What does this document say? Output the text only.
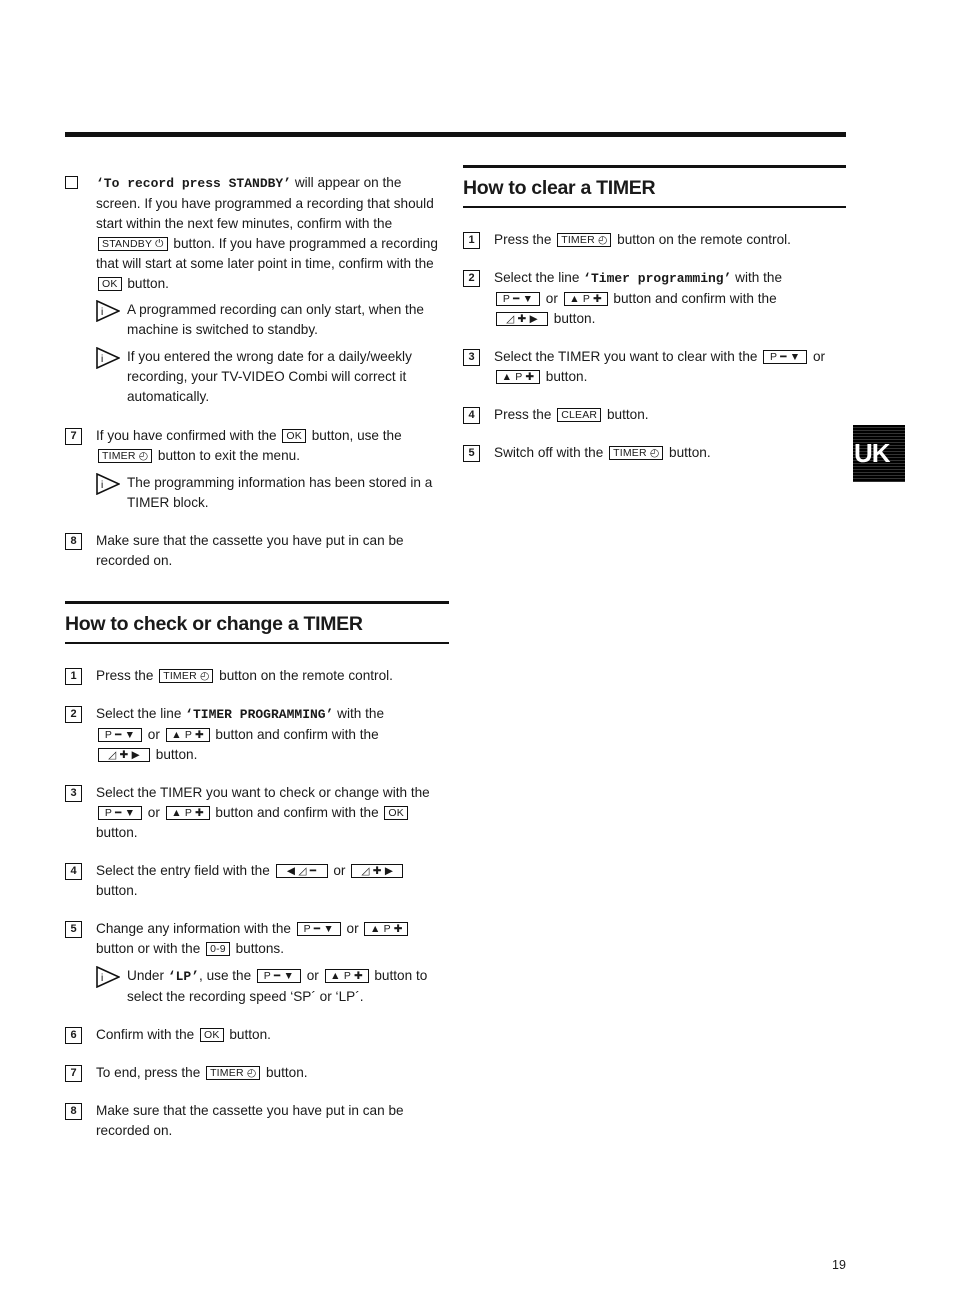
‘To record press STANDBY’ will appear on the screen. If you have programmed a recording that should start within the next few minutes, confirm with the STANDBY ⏻ button. If you have programmed a recording that will start at some later point in time, confirm with the OK button.
i A programmed recording can only start, when the machine is switched to standby.
i If you entered the wrong date for a daily/weekly recording, your TV-VIDEO Combi will correct it automatically.
7	If you have confirmed with the OK button, use the TIMER ◴ button to exit the menu.
i The programming information has been stored in a TIMER block.
8	Make sure that the cassette you have put in can be recorded on.
How to check or change a TIMER
1	Press the TIMER ◴ button on the remote control.
2	Select the line ‘TIMER PROGRAMMING’ with the
P ━ ▼ or ▲ P ✚ button and confirm with the
◿ ✚ ▶ button.
3	Select the TIMER you want to check or change with the P ━ ▼ or ▲ P ✚ button and confirm with the OK button.
4	Select the entry field with the ◀ ◿ ━ or ◿ ✚ ▶ button.
5	Change any information with the P ━ ▼ or ▲ P ✚ button or with the 0-9 buttons.
i Under ‘LP’, use the P ━ ▼ or ▲ P ✚ button to select the recording speed ‘SP´ or ‘LP´.
6	Confirm with the OK button.
7	To end, press the TIMER ◴ button.
8	Make sure that the cassette you have put in can be recorded on.
How to clear a TIMER
1	Press the TIMER ◴ button on the remote control.
2	Select the line ‘Timer programming’ with the
P ━ ▼ or ▲ P ✚ button and confirm with the
◿ ✚ ▶ button.
3	Select the TIMER you want to clear with the P ━ ▼ or
▲ P ✚ button.
4	Press the CLEAR button.
5	Switch off with the TIMER ◴ button.	UK
19
